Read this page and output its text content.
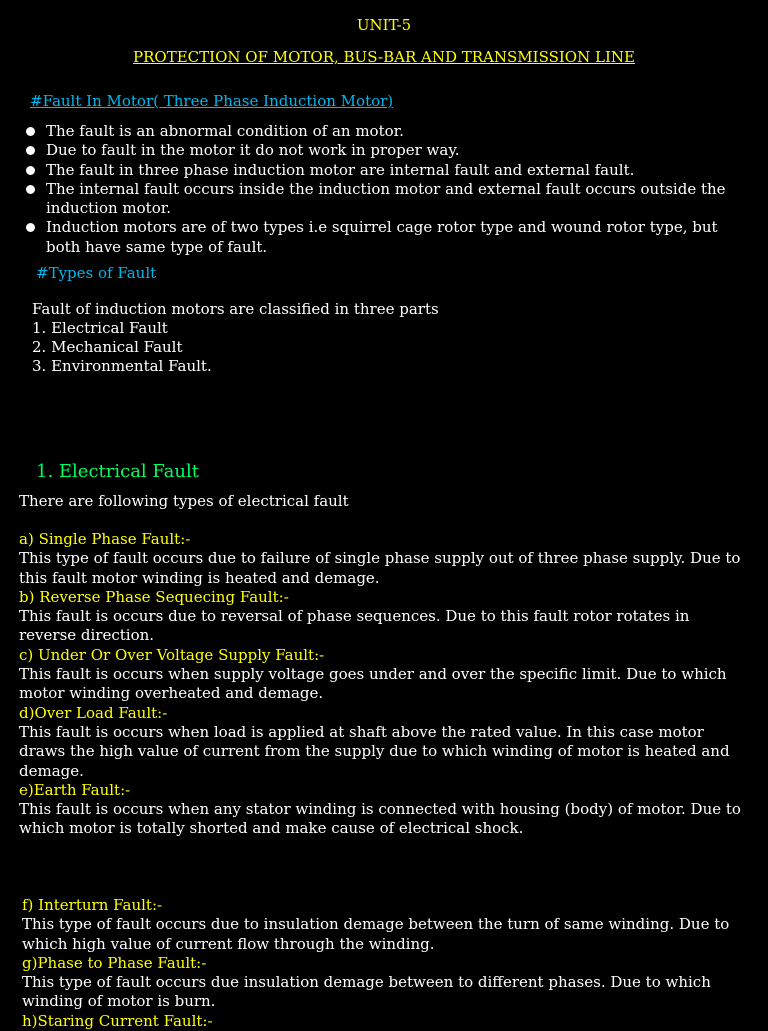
UNIT-5
PROTECTION OF MOTOR, BUS-BAR AND TRANSMISSION LINE
#Fault In Motor( Three Phase Induction Motor)
The fault is an abnormal condition of an motor.
Due to fault in the motor it do not work in proper way.
The fault in three phase induction motor are internal fault and external fault.
The internal fault occurs inside the induction motor and external fault occurs outside the induction motor.
Induction motors are of two types i.e squirrel cage rotor type and wound rotor type, but both have same type of fault.
#Types of Fault
Fault of induction motors are classified in three parts
1. Electrical Fault
2. Mechanical Fault
3. Environmental Fault.
1. Electrical Fault
There are following types of electrical fault
a) Single Phase Fault:-
This type of fault occurs due to failure of single phase supply out of three phase supply. Due to this fault motor winding is heated and demage.
b) Reverse Phase Sequecing Fault:-
This fault is occurs due to reversal of phase sequences. Due to this fault rotor rotates in reverse direction.
c) Under Or Over Voltage Supply Fault:-
This fault is occurs when supply voltage goes under and over the specific limit. Due to which motor winding overheated and demage.
d)Over Load Fault:-
This fault is occurs when load is applied at shaft above the rated value. In this case motor draws the high value of current from the supply due to which winding of motor is heated and demage.
e)Earth Fault:-
This fault is occurs when any stator winding is connected with housing (body) of motor. Due to which motor is totally shorted and make cause of electrical shock.
f) Interturn Fault:-
This type of fault occurs due to insulation demage between the turn of same winding. Due to which high value of current flow through the winding.
g)Phase to Phase Fault:-
This type of fault occurs due insulation demage between to different phases. Due to which winding of motor is burn.
h)Staring Current Fault:-
